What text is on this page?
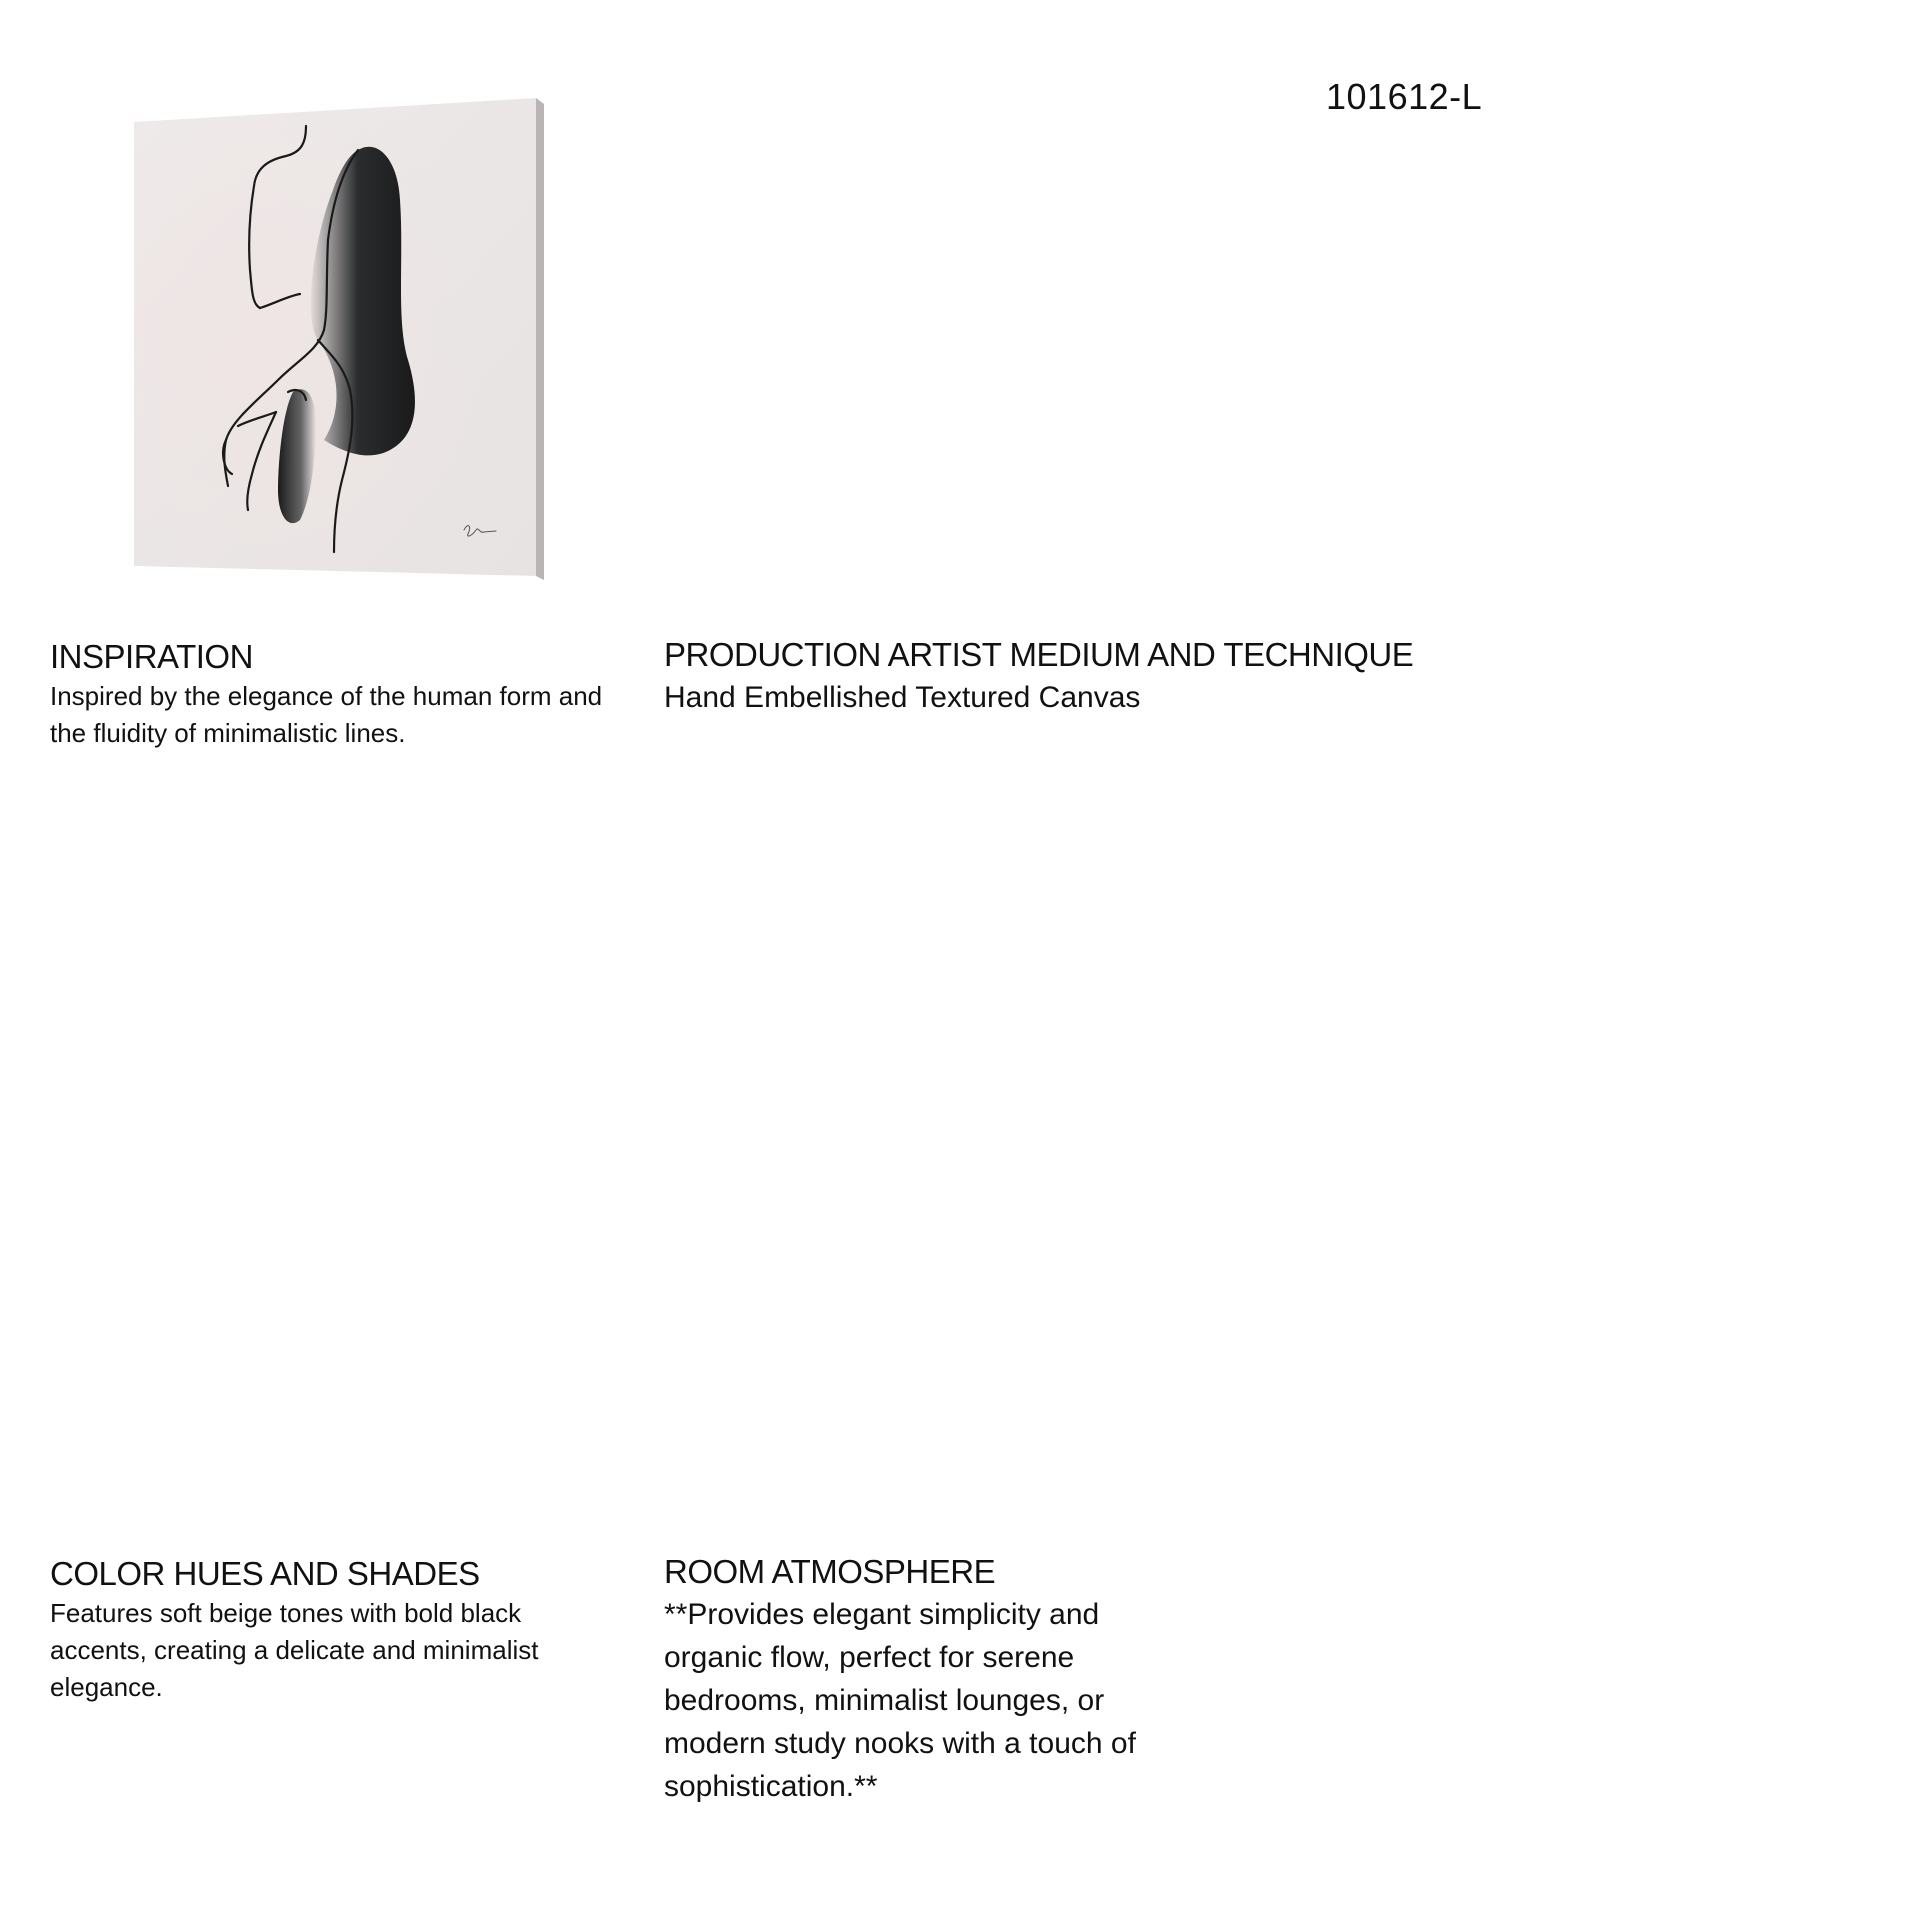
101612-L
INSPIRATION
Inspired by the elegance of the human form and the fluidity of minimalistic lines.
PRODUCTION ARTIST MEDIUM AND TECHNIQUE
Hand Embellished Textured Canvas
COLOR HUES AND SHADES
Features soft beige tones with bold black accents, creating a delicate and minimalist elegance.
ROOM ATMOSPHERE
**Provides elegant simplicity and organic flow, perfect for serene bedrooms, minimalist lounges, or modern study nooks with a touch of sophistication.**
